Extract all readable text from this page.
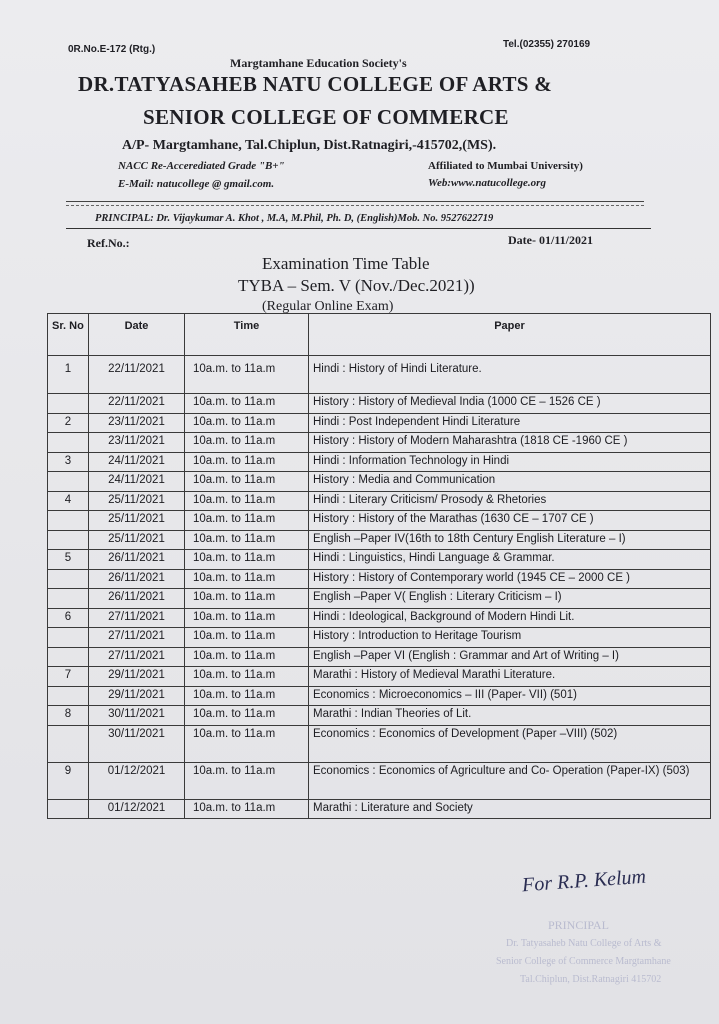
0R.No.E-172 (Rtg.)	Tel.(02355) 270169
Margtamhane Education Society's
DR.TATYASAHEB NATU COLLEGE OF ARTS &
SENIOR COLLEGE OF COMMERCE
A/P- Margtamhane, Tal.Chiplun, Dist.Ratnagiri,-415702,(MS).
NACC Re-Accerediated Grade "B+"	Affiliated to Mumbai University)
E-Mail: natucollege @ gmail.com.	Web:www.natucollege.org
PRINCIPAL: Dr. Vijaykumar A. Khot , M.A, M.Phil, Ph. D, (English)Mob. No. 9527622719
Ref.No.:	Date- 01/11/2021
Examination Time Table
TYBA – Sem. V (Nov./Dec.2021))
(Regular Online Exam)
Sr. No	Date	Time	Paper
1	22/11/2021	10a.m. to 11a.m	Hindi : History of Hindi Literature.
	22/11/2021	10a.m. to 11a.m	History : History of Medieval India (1000 CE – 1526 CE )
2	23/11/2021	10a.m. to 11a.m	Hindi : Post Independent Hindi Literature
	23/11/2021	10a.m. to 11a.m	History : History of Modern Maharashtra (1818 CE -1960 CE )
3	24/11/2021	10a.m. to 11a.m	Hindi : Information Technology in Hindi
	24/11/2021	10a.m. to 11a.m	History : Media and Communication
4	25/11/2021	10a.m. to 11a.m	Hindi : Literary Criticism/ Prosody & Rhetories
	25/11/2021	10a.m. to 11a.m	History : History of the Marathas (1630 CE – 1707 CE )
	25/11/2021	10a.m. to 11a.m	English –Paper IV(16th to 18th Century English Literature – I)
5	26/11/2021	10a.m. to 11a.m	Hindi : Linguistics, Hindi Language & Grammar.
	26/11/2021	10a.m. to 11a.m	History : History of Contemporary world (1945 CE – 2000 CE )
	26/11/2021	10a.m. to 11a.m	English –Paper V( English : Literary Criticism – I)
6	27/11/2021	10a.m. to 11a.m	Hindi : Ideological, Background of Modern Hindi Lit.
	27/11/2021	10a.m. to 11a.m	History : Introduction to Heritage Tourism
	27/11/2021	10a.m. to 11a.m	English –Paper VI (English : Grammar and Art of Writing – I)
7	29/11/2021	10a.m. to 11a.m	Marathi : History of Medieval Marathi Literature.
	29/11/2021	10a.m. to 11a.m	Economics : Microeconomics – III (Paper- VII) (501)
8	30/11/2021	10a.m. to 11a.m	Marathi : Indian Theories of Lit.
	30/11/2021	10a.m. to 11a.m	Economics : Economics of Development (Paper –VIII) (502)
9	01/12/2021	10a.m. to 11a.m	Economics : Economics of Agriculture and Co- Operation (Paper-IX) (503)
	01/12/2021	10a.m. to 11a.m	Marathi : Literature and Society
For R.P. Kelum
PRINCIPAL
Dr. Tatyasaheb Natu College of Arts &
Senior College of Commerce Margtamhane
Tal.Chiplun, Dist.Ratnagiri 415702
